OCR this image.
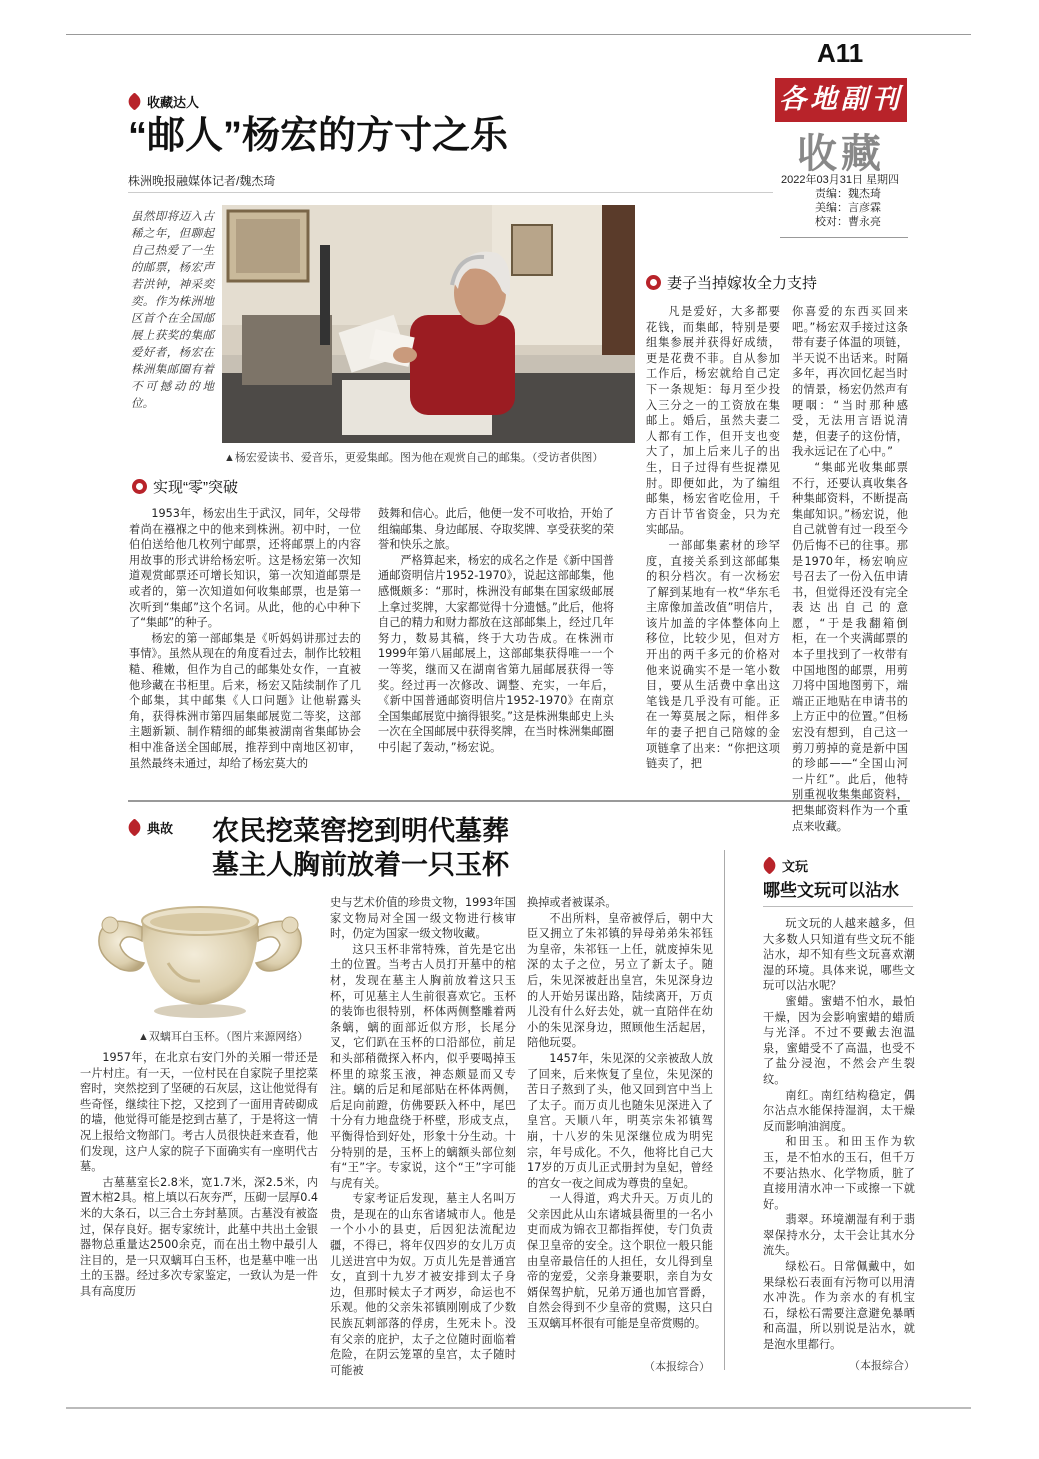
A11
各地副刊
收藏
2022年03月31日 星期四
责编：魏杰琦
美编：言彦霖
校对：曹永亮
收藏达人
“邮人”杨宏的方寸之乐
株洲晚报融媒体记者/魏杰琦
虽然即将迈入古稀之年，但聊起自己热爱了一生的邮票，杨宏声若洪钟，神采奕奕。作为株洲地区首个在全国邮展上获奖的集邮爱好者，杨宏在株洲集邮圈有着不可撼动的地位。
▲杨宏爱读书、爱音乐，更爱集邮。图为他在观赏自己的邮集。（受访者供图）
实现“零”突破

1953年，杨宏出生于武汉，同年，父母带着尚在襁褓之中的他来到株洲。初中时，一位伯伯送给他几枚列宁邮票，还将邮票上的内容用故事的形式讲给杨宏听。这是杨宏第一次知道观赏邮票还可增长知识，第一次知道邮票是或者的，第一次知道如何收集邮票，也是第一次听到“集邮”这个名词。从此，他的心中种下了“集邮”的种子。

杨宏的第一部邮集是《听妈妈讲那过去的事情》。虽然从现在的角度看过去，制作比较粗糙、稚嫩，但作为自己的邮集处女作，一直被他珍藏在书柜里。后来，杨宏又陆续制作了几个邮集，其中邮集《人口问题》让他崭露头角，获得株洲市第四届集邮展览二等奖，这部主题新颖、制作精细的邮集被湖南省集邮协会相中准备送全国邮展，推荐到中南地区初审，虽然最终未通过，却给了杨宏莫大的

鼓舞和信心。此后，他便一发不可收拾，开始了组编邮集、身边邮展、夺取奖牌、享受获奖的荣誉和快乐之旅。

严格算起来，杨宏的成名之作是《新中国普通邮资明信片1952-1970》，说起这部邮集，他感慨颇多：“那时，株洲没有邮集在国家级邮展上拿过奖牌，大家都觉得十分遗憾。”此后，他将自己的精力和财力都放在这部邮集上，经过几年努力，数易其稿，终于大功告成。在株洲市1999年第八届邮展上，这部邮集获得唯一一个一等奖，继而又在湖南省第九届邮展获得一等奖。经过再一次修改、调整、充实，一年后，《新中国普通邮资明信片1952-1970》在南京全国集邮展览中摘得银奖。”这是株洲集邮史上头一次在全国邮展中获得奖牌，在当时株洲集邮圈中引起了轰动，”杨宏说。

妻子当掉嫁妆全力支持

凡是爱好，大多都要花钱，而集邮，特别是要组集参展并获得好成绩，更是花费不菲。自从参加工作后，杨宏就给自己定下一条规矩：每月至少投入三分之一的工资放在集邮上。婚后，虽然夫妻二人都有工作，但开支也变大了，加上后来儿子的出生，日子过得有些捉襟见肘。即便如此，为了编组邮集，杨宏省吃俭用，千方百计节省资金，只为充实邮品。

一部邮集素材的珍罕度，直接关系到这部邮集的积分档次。有一次杨宏了解到某地有一枚“华东毛主席像加盖改值”明信片，该片加盖的字体整体向上移位，比较少见，但对方开出的两千多元的价格对他来说确实不是一笔小数目，要从生活费中拿出这笔钱是几乎没有可能。正在一筹莫展之际，相伴多年的妻子把自己陪嫁的金项链拿了出来：“你把这项链卖了，把

你喜爱的东西买回来吧。”杨宏双手接过这条带有妻子体温的项链，半天说不出话来。时隔多年，再次回忆起当时的情景，杨宏仍然声有哽咽：“当时那种感受，无法用言语说清楚，但妻子的这份情，我永远记在了心中。”

“集邮光收集邮票不行，还要认真收集各种集邮资料，不断提高集邮知识。”杨宏说，他自己就曾有过一段至今仍后悔不已的往事。那是1970年，杨宏响应号召去了一份入伍申请书，但觉得还没有完全表达出自己的意愿，“于是我翻箱倒柜，在一个夹满邮票的本子里找到了一枚带有中国地图的邮票，用剪刀将中国地图剪下，端端正正地贴在申请书的上方正中的位置。”但杨宏没有想到，自己这一剪刀剪掉的竟是新中国的珍邮——“全国山河一片红”。此后，他特别重视收集集邮资料，把集邮资料作为一个重点来收藏。

典故 农民挖菜窖挖到明代墓葬
墓主人胸前放着一只玉杯
▲双螭耳白玉杯。（图片来源网络）

1957年，在北京右安门外的关厢一带还是一片村庄。有一天，一位村民在自家院子里挖菜窖时，突然挖到了坚硬的石灰层，这让他觉得有些奇怪，继续往下挖，又挖到了一面用青砖砌成的墙，他觉得可能是挖到古墓了，于是将这一情况上报给文物部门。考古人员很快赶来查看，他们发现，这户人家的院子下面确实有一座明代古墓。

古墓墓室长2.8米，宽1.7米，深2.5米，内置木棺2具。棺上填以石灰夯严，压砌一层厚0.4米的大条石，以三合土夯封墓顶。古墓没有被盗过，保存良好。据专家统计，此墓中共出土金银器物总重量达2500余克，而在出土物中最引人注目的，是一只双螭耳白玉杯，也是墓中唯一出土的玉器。经过多次专家鉴定，一致认为是一件具有高度历

史与艺术价值的珍贵文物，1993年国家文物局对全国一级文物进行核审时，仍定为国家一级文物收藏。

这只玉杯非常特殊，首先是它出土的位置。当考古人员打开墓中的棺材，发现在墓主人胸前放着这只玉杯，可见墓主人生前很喜欢它。玉杯的装饰也很特别，杯体两侧整雕着两条螭，螭的面部近似方形，长尾分叉，它们趴在玉杯的口沿部位，前足和头部稍微探入杯内，似乎要喝掉玉杯里的琼浆玉液，神态颇显而又专注。螭的后足和尾部贴在杯体两侧，后足向前蹬，仿佛要跃入杯中，尾巴十分有力地盘绕于杯壁，形成支点，平衡得恰到好处，形象十分生动。十分特别的是，玉杯上的螭额头部位刻有“王”字。专家说，这个“王”字可能与虎有关。

专家考证后发现，墓主人名叫万贵，是现在的山东省诸城市人。他是一个小小的县吏，后因犯法流配边疆，不得已，将年仅四岁的女儿万贞儿送进宫中为奴。万贞儿先是普通宫女，直到十九岁才被安排到太子身边，但那时候太子才两岁，命运也不乐观。他的父亲朱祁镇刚刚成了少数民族瓦剌部落的俘虏，生死未卜。没有父亲的庇护，太子之位随时面临着危险，在阴云笼罩的皇宫，太子随时可能被

换掉或者被谋杀。

不出所料，皇帝被俘后，朝中大臣又拥立了朱祁镇的异母弟弟朱祁钰为皇帝，朱祁钰一上任，就废掉朱见深的太子之位，另立了新太子。随后，朱见深被赶出皇宫，朱见深身边的人开始另谋出路，陆续离开，万贞儿没有什么好去处，就一直陪伴在幼小的朱见深身边，照顾他生活起居，陪他玩耍。

1457年，朱见深的父亲被敌人放了回来，后来恢复了皇位，朱见深的苦日子熬到了头，他又回到宫中当上了太子。而万贞儿也随朱见深进入了皇宫。天顺八年，明英宗朱祁镇驾崩，十八岁的朱见深继位成为明宪宗，年号成化。不久，他将比自己大17岁的万贞儿正式册封为皇妃，曾经的宫女一夜之间成为尊贵的皇妃。

一人得道，鸡犬升天。万贞儿的父亲因此从山东诸城县衙里的一名小吏而成为锦衣卫都指挥使，专门负责保卫皇帝的安全。这个职位一般只能由皇帝最信任的人担任，女儿得到皇帝的宠爱，父亲身兼要职，亲自为女婿保驾护航，兄弟万通也加官晋爵，自然会得到不少皇帝的赏赐，这只白玉双螭耳杯很有可能是皇帝赏赐的。

（本报综合）
文玩
哪些文玩可以沾水

玩文玩的人越来越多，但大多数人只知道有些文玩不能沾水，却不知有些文玩喜欢潮湿的环境。具体来说，哪些文玩可以沾水呢？

蜜蜡。蜜蜡不怕水，最怕干燥，因为会影响蜜蜡的蜡质与光泽。不过不要戴去泡温泉，蜜蜡受不了高温，也受不了盐分浸泡，不然会产生裂纹。

南红。南红结构稳定，偶尔沾点水能保持湿润，太干燥反而影响油润度。

和田玉。和田玉作为软玉，是不怕水的玉石，但千万不要沾热水、化学物质，脏了直接用清水冲一下或擦一下就好。

翡翠。环境潮湿有利于翡翠保持水分，太干会让其水分流失。

绿松石。日常佩戴中，如果绿松石表面有污物可以用清水冲洗。作为亲水的有机宝石，绿松石需要注意避免暴晒和高温，所以别说是沾水，就是泡水里都行。

（本报综合）
